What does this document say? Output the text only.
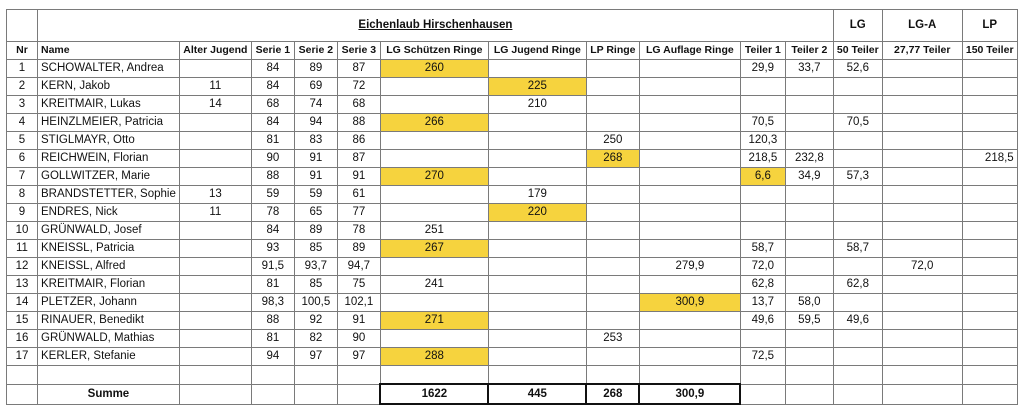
	Eichenlaub Hirschenhausen											LG	LG-A	LP
Nr	Name	Alter Jugend	Serie 1	Serie 2	Serie 3	LG Schützen Ringe	LG Jugend Ringe	LP Ringe	LG Auflage Ringe	Teiler 1	Teiler 2	50 Teiler	27,77 Teiler	150 Teiler
1	SCHOWALTER, Andrea		84	89	87	260				29,9	33,7	52,6		
2	KERN, Jakob	11	84	69	72		225							
3	KREITMAIR, Lukas	14	68	74	68		210							
4	HEINZLMEIER, Patricia		84	94	88	266				70,5		70,5		
5	STIGLMAYR, Otto		81	83	86			250		120,3				
6	REICHWEIN, Florian		90	91	87			268		218,5	232,8			218,5
7	GOLLWITZER, Marie		88	91	91	270				6,6	34,9	57,3		
8	BRANDSTETTER, Sophie	13	59	59	61		179							
9	ENDRES, Nick	11	78	65	77		220							
10	GRÜNWALD, Josef		84	89	78	251								
11	KNEISSL, Patricia		93	85	89	267				58,7		58,7		
12	KNEISSL, Alfred		91,5	93,7	94,7				279,9	72,0			72,0	
13	KREITMAIR, Florian		81	85	75	241				62,8		62,8		
14	PLETZER, Johann		98,3	100,5	102,1				300,9	13,7	58,0			
15	RINAUER, Benedikt		88	92	91	271				49,6	59,5	49,6		
16	GRÜNWALD, Mathias		81	82	90			253						
17	KERLER, Stefanie		94	97	97	288				72,5				

	Summe					1622	445	268	300,9					
